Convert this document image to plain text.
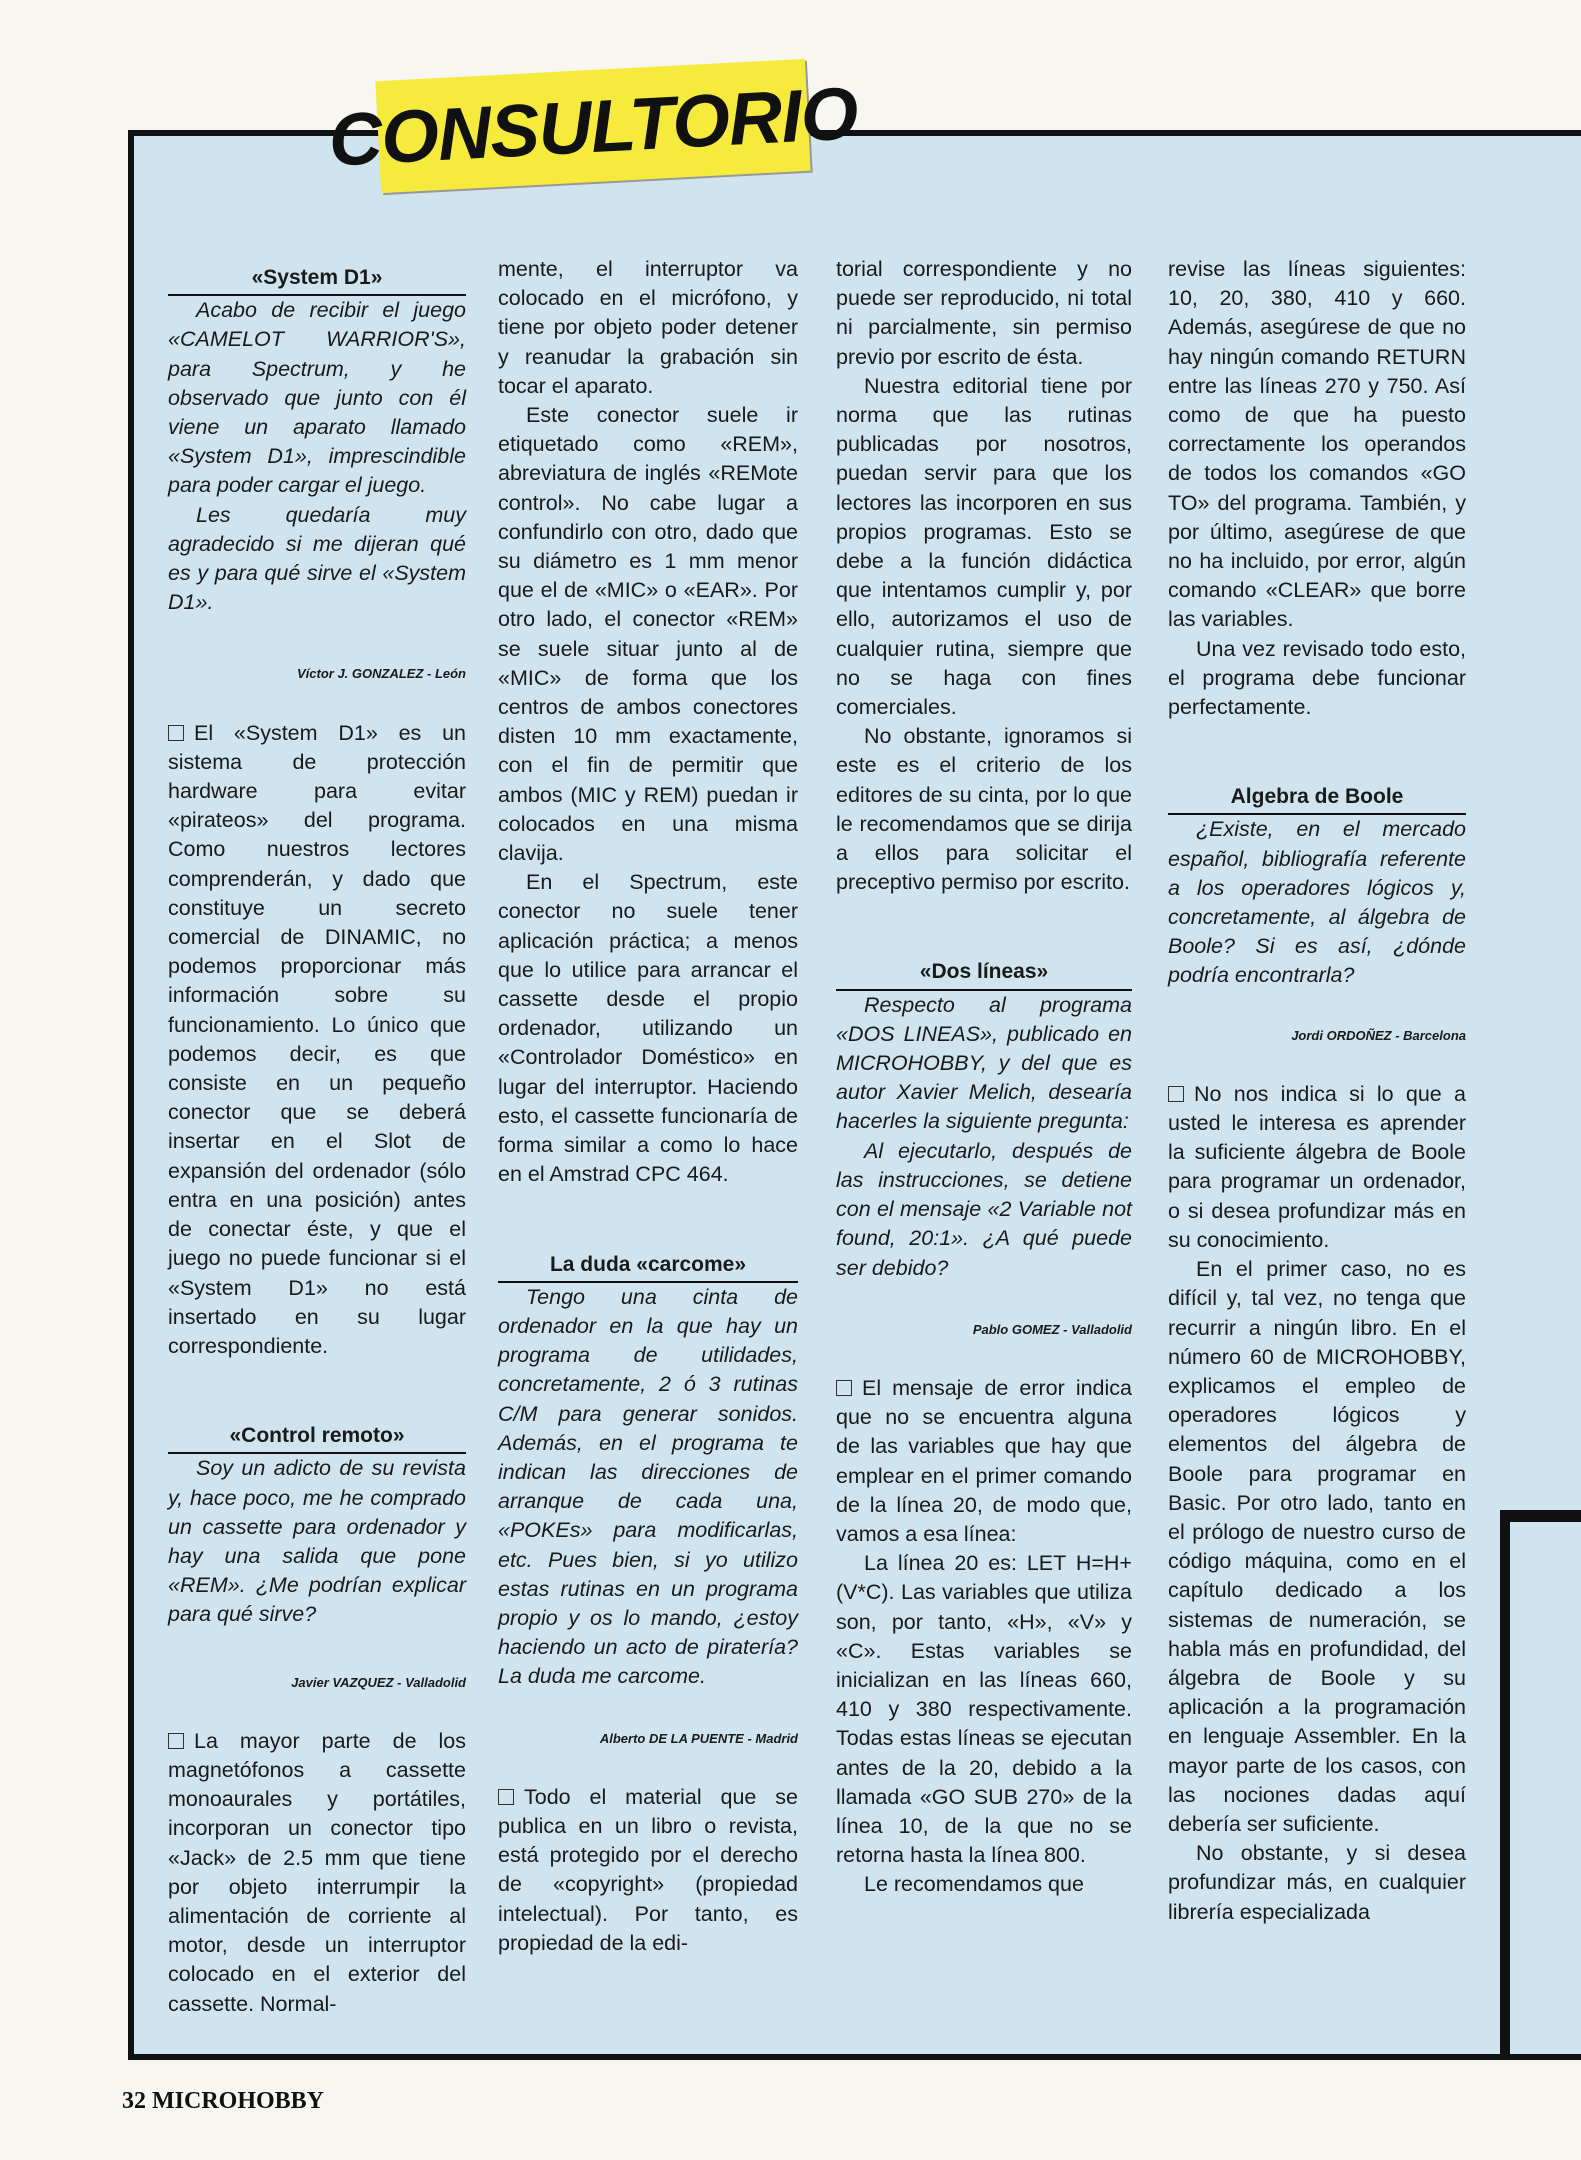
CONSULTORIO

«System D1»

Acabo de recibir el juego «CAMELOT WARRIOR'S», para Spectrum, y he observado que junto con él viene un aparato llamado «System D1», imprescindible para poder cargar el juego.

Les quedaría muy agradecido si me dijeran qué es y para qué sirve el «System D1».

Víctor J. GONZALEZ - León

El «System D1» es un sistema de protección hardware para evitar «pirateos» del programa. Como nuestros lectores comprenderán, y dado que constituye un secreto comercial de DINAMIC, no podemos proporcionar más información sobre su funcionamiento. Lo único que podemos decir, es que consiste en un pequeño conector que se deberá insertar en el Slot de expansión del ordenador (sólo entra en una posición) antes de conectar éste, y que el juego no puede funcionar si el «System D1» no está insertado en su lugar correspondiente.

«Control remoto»

Soy un adicto de su revista y, hace poco, me he comprado un cassette para ordenador y hay una salida que pone «REM». ¿Me podrían explicar para qué sirve?

Javier VAZQUEZ - Valladolid

La mayor parte de los magnetófonos a cassette monoaurales y portátiles, incorporan un conector tipo «Jack» de 2.5 mm que tiene por objeto interrumpir la alimentación de corriente al motor, desde un interruptor colocado en el exterior del cassette. Normal-

mente, el interruptor va colocado en el micrófono, y tiene por objeto poder detener y reanudar la grabación sin tocar el aparato.

Este conector suele ir etiquetado como «REM», abreviatura de inglés «REMote control». No cabe lugar a confundirlo con otro, dado que su diámetro es 1 mm menor que el de «MIC» o «EAR». Por otro lado, el conector «REM» se suele situar junto al de «MIC» de forma que los centros de ambos conectores disten 10 mm exactamente, con el fin de permitir que ambos (MIC y REM) puedan ir colocados en una misma clavija.

En el Spectrum, este conector no suele tener aplicación práctica; a menos que lo utilice para arrancar el cassette desde el propio ordenador, utilizando un «Controlador Doméstico» en lugar del interruptor. Haciendo esto, el cassette funcionaría de forma similar a como lo hace en el Amstrad CPC 464.

La duda «carcome»

Tengo una cinta de ordenador en la que hay un programa de utilidades, concretamente, 2 ó 3 rutinas C/M para generar sonidos. Además, en el programa te indican las direcciones de arranque de cada una, «POKEs» para modificarlas, etc. Pues bien, si yo utilizo estas rutinas en un programa propio y os lo mando, ¿estoy haciendo un acto de piratería? La duda me carcome.

Alberto DE LA PUENTE - Madrid

Todo el material que se publica en un libro o revista, está protegido por el derecho de «copyright» (propiedad intelectual). Por tanto, es propiedad de la edi-

torial correspondiente y no puede ser reproducido, ni total ni parcialmente, sin permiso previo por escrito de ésta.

Nuestra editorial tiene por norma que las rutinas publicadas por nosotros, puedan servir para que los lectores las incorporen en sus propios programas. Esto se debe a la función didáctica que intentamos cumplir y, por ello, autorizamos el uso de cualquier rutina, siempre que no se haga con fines comerciales.

No obstante, ignoramos si este es el criterio de los editores de su cinta, por lo que le recomendamos que se dirija a ellos para solicitar el preceptivo permiso por escrito.

«Dos líneas»

Respecto al programa «DOS LINEAS», publicado en MICROHOBBY, y del que es autor Xavier Melich, desearía hacerles la siguiente pregunta:

Al ejecutarlo, después de las instrucciones, se detiene con el mensaje «2 Variable not found, 20:1». ¿A qué puede ser debido?

Pablo GOMEZ - Valladolid

El mensaje de error indica que no se encuentra alguna de las variables que hay que emplear en el primer comando de la línea 20, de modo que, vamos a esa línea:

La línea 20 es: LET H=H+ (V*C). Las variables que utiliza son, por tanto, «H», «V» y «C». Estas variables se inicializan en las líneas 660, 410 y 380 respectivamente. Todas estas líneas se ejecutan antes de la 20, debido a la llamada «GO SUB 270» de la línea 10, de la que no se retorna hasta la línea 800.

Le recomendamos que

revise las líneas siguientes: 10, 20, 380, 410 y 660. Además, asegúrese de que no hay ningún comando RETURN entre las líneas 270 y 750. Así como de que ha puesto correctamente los operandos de todos los comandos «GO TO» del programa. También, y por último, asegúrese de que no ha incluido, por error, algún comando «CLEAR» que borre las variables.

Una vez revisado todo esto, el programa debe funcionar perfectamente.

Algebra de Boole

¿Existe, en el mercado español, bibliografía referente a los operadores lógicos y, concretamente, al álgebra de Boole? Si es así, ¿dónde podría encontrarla?

Jordi ORDOÑEZ - Barcelona

No nos indica si lo que a usted le interesa es aprender la suficiente álgebra de Boole para programar un ordenador, o si desea profundizar más en su conocimiento.

En el primer caso, no es difícil y, tal vez, no tenga que recurrir a ningún libro. En el número 60 de MICROHOBBY, explicamos el empleo de operadores lógicos y elementos del álgebra de Boole para programar en Basic. Por otro lado, tanto en el prólogo de nuestro curso de código máquina, como en el capítulo dedicado a los sistemas de numeración, se habla más en profundidad, del álgebra de Boole y su aplicación a la programación en lenguaje Assembler. En la mayor parte de los casos, con las nociones dadas aquí debería ser suficiente.

No obstante, y si desea profundizar más, en cualquier librería especializada

32 MICROHOBBY
